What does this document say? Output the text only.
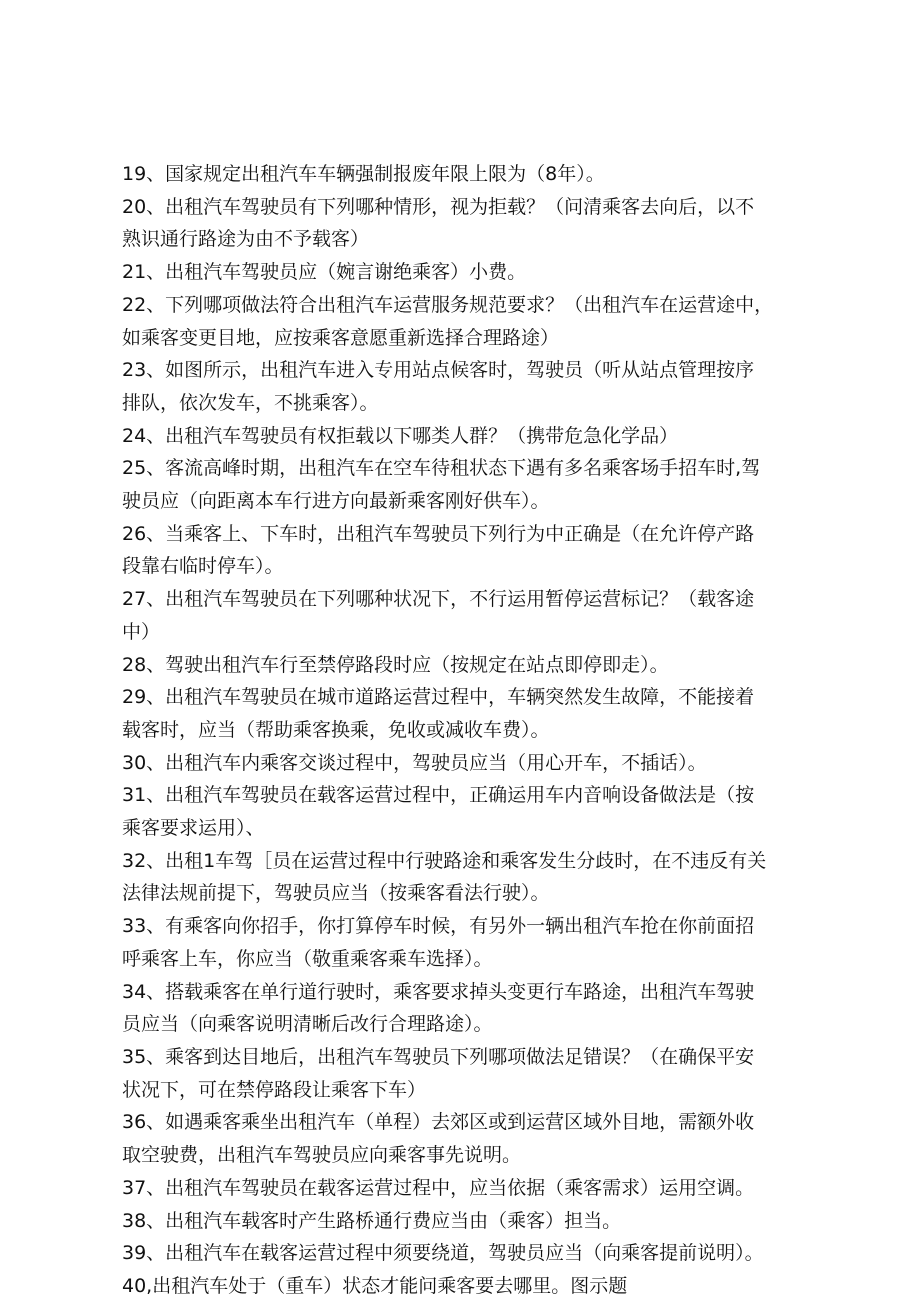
19、国家规定出租汽车车辆强制报废年限上限为（8年）。

20、出租汽车驾驶员有下列哪种情形，视为拒载？（问清乘客去向后，以不
熟识通行路途为由不予载客）

21、出租汽车驾驶员应（婉言谢绝乘客）小费。

22、下列哪项做法符合出租汽车运营服务规范要求？（出租汽车在运营途中，
如乘客变更目地，应按乘客意愿重新选择合理路途）

23、如图所示，出租汽车进入专用站点候客时，驾驶员（听从站点管理按序
排队，依次发车，不挑乘客）。

24、出租汽车驾驶员有权拒载以下哪类人群？（携带危急化学品）

25、客流高峰时期，出租汽车在空车待租状态下遇有多名乘客场手招车时,驾
驶员应（向距离本车行进方向最新乘客刚好供车）。

26、当乘客上、下车时，出租汽车驾驶员下列行为中正确是（在允许停产路
段靠右临时停车）。

27、出租汽车驾驶员在下列哪种状况下，不行运用暂停运营标记？（载客途
中）

28、驾驶出租汽车行至禁停路段时应（按规定在站点即停即走）。

29、出租汽车驾驶员在城市道路运营过程中，车辆突然发生故障，不能接着
载客时，应当（帮助乘客换乘，免收或减收车费）。

30、出租汽车内乘客交谈过程中，驾驶员应当（用心开车，不插话）。

31、出租汽车驾驶员在载客运营过程中，正确运用车内音响设备做法是（按
乘客要求运用）、

32、出租1车驾［员在运营过程中行驶路途和乘客发生分歧时，在不违反有关
法律法规前提下，驾驶员应当（按乘客看法行驶）。

33、有乘客向你招手，你打算停车时候，有另外一辆出租汽车抢在你前面招
呼乘客上车，你应当（敬重乘客乘车选择）。

34、搭载乘客在单行道行驶时，乘客要求掉头变更行车路途，出租汽车驾驶
员应当（向乘客说明清晰后改行合理路途）。

35、乘客到达目地后，出租汽车驾驶员下列哪项做法足错误？（在确保平安
状况下，可在禁停路段让乘客下车）

36、如遇乘客乘坐出租汽车（单程）去郊区或到运营区域外目地，需额外收
取空驶费，出租汽车驾驶员应向乘客事先说明。

37、出租汽车驾驶员在载客运营过程中，应当依据（乘客需求）运用空调。

38、出租汽车载客时产生路桥通行费应当由（乘客）担当。

39、出租汽车在载客运营过程中须要绕道，驾驶员应当（向乘客提前说明）。

40,出租汽车处于（重车）状态才能问乘客要去哪里。图示题
